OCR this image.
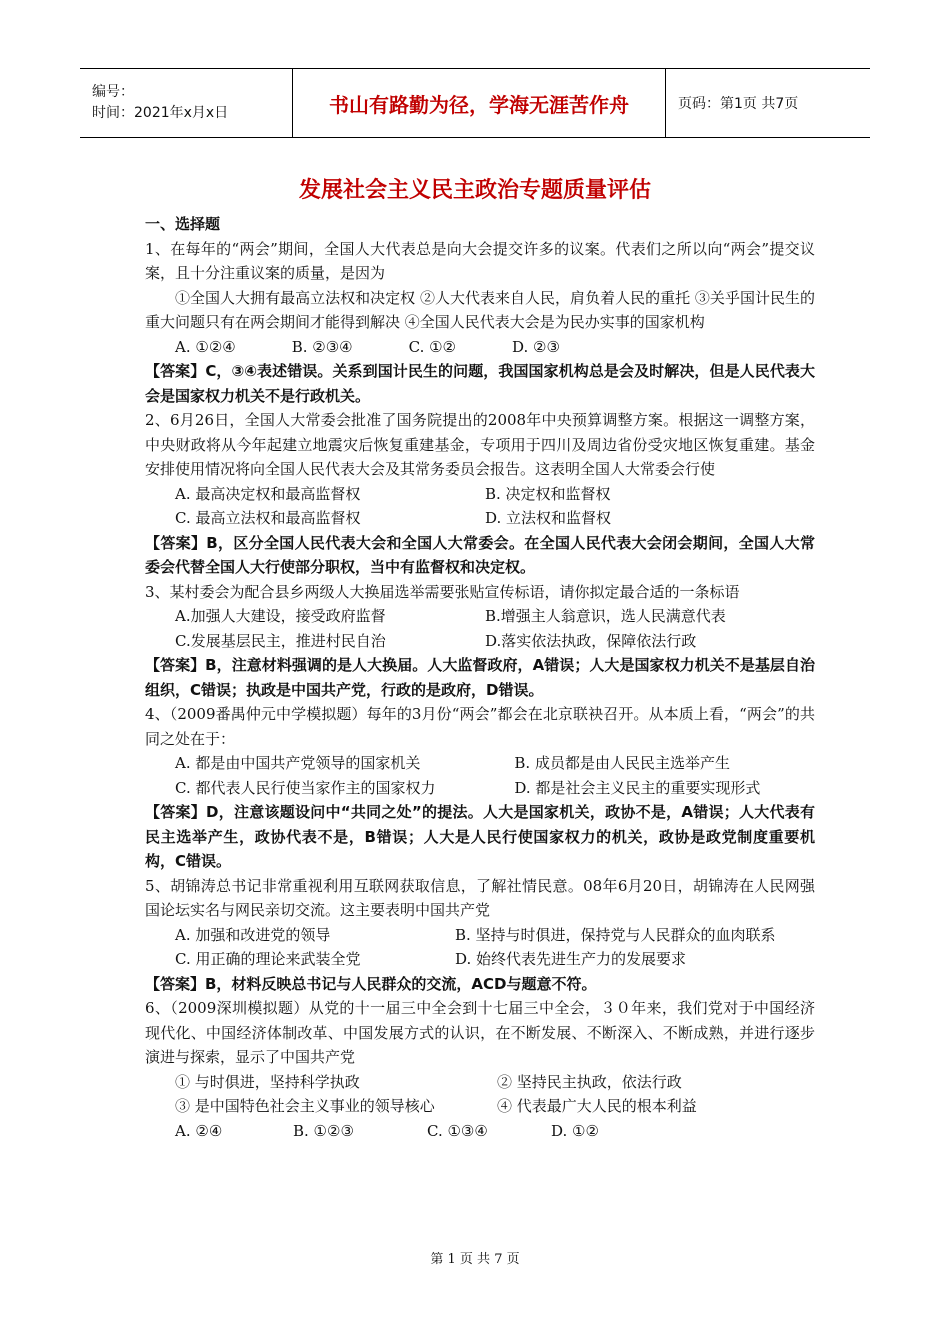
编号：
时间：2021年x月x日	书山有路勤为径，学海无涯苦作舟	页码：第1页 共7页
发展社会主义民主政治专题质量评估
一、选择题

1、在每年的“两会”期间，全国人大代表总是向大会提交许多的议案。代表们之所以向“两会”提交议案，且十分注重议案的质量，是因为

①全国人大拥有最高立法权和决定权 ②人大代表来自人民，肩负着人民的重托 ③关乎国计民生的重大问题只有在两会期间才能得到解决 ④全国人民代表大会是为民办实事的国家机构

A. ①②④	B. ②③④	C. ①②	D. ②③

【答案】C，③④表述错误。关系到国计民生的问题，我国国家机构总是会及时解决，但是人民代表大会是国家权力机关不是行政机关。

2、6月26日，全国人大常委会批准了国务院提出的2008年中央预算调整方案。根据这一调整方案，中央财政将从今年起建立地震灾后恢复重建基金，专项用于四川及周边省份受灾地区恢复重建。基金安排使用情况将向全国人民代表大会及其常务委员会报告。这表明全国人大常委会行使

A. 最高决定权和最高监督权	B. 决定权和监督权
C. 最高立法权和最高监督权	D. 立法权和监督权

【答案】B，区分全国人民代表大会和全国人大常委会。在全国人民代表大会闭会期间，全国人大常委会代替全国人大行使部分职权，当中有监督权和决定权。

3、某村委会为配合县乡两级人大换届选举需要张贴宣传标语，请你拟定最合适的一条标语

A.加强人大建设，接受政府监督	B.增强主人翁意识，选人民满意代表
C.发展基层民主，推进村民自治	D.落实依法执政，保障依法行政

【答案】B，注意材料强调的是人大换届。人大监督政府，A错误；人大是国家权力机关不是基层自治组织，C错误；执政是中国共产党，行政的是政府，D错误。

4、（2009番禺仲元中学模拟题）每年的3月份“两会”都会在北京联袂召开。从本质上看，“两会”的共同之处在于：

A. 都是由中国共产党领导的国家机关	B. 成员都是由人民民主选举产生
C. 都代表人民行使当家作主的国家权力	D. 都是社会主义民主的重要实现形式

【答案】D，注意该题设问中“共同之处”的提法。人大是国家机关，政协不是，A错误；人大代表有民主选举产生，政协代表不是，B错误；人大是人民行使国家权力的机关，政协是政党制度重要机构，C错误。

5、胡锦涛总书记非常重视利用互联网获取信息，了解社情民意。08年6月20日，胡锦涛在人民网强国论坛实名与网民亲切交流。这主要表明中国共产党

A. 加强和改进党的领导	B. 坚持与时俱进，保持党与人民群众的血肉联系

C. 用正确的理论来武装全党	D. 始终代表先进生产力的发展要求

【答案】B，材料反映总书记与人民群众的交流，ACD与题意不符。

6、（2009深圳模拟题）从党的十一届三中全会到十七届三中全会，３０年来，我们党对于中国经济现代化、中国经济体制改革、中国发展方式的认识，在不断发展、不断深入、不断成熟，并进行逐步演进与探索，显示了中国共产党

① 与时俱进，坚持科学执政	② 坚持民主执政，依法行政
③ 是中国特色社会主义事业的领导核心	④ 代表最广大人民的根本利益
A. ②④	B. ①②③	C. ①③④	D. ①②
第 1 页 共 7 页
